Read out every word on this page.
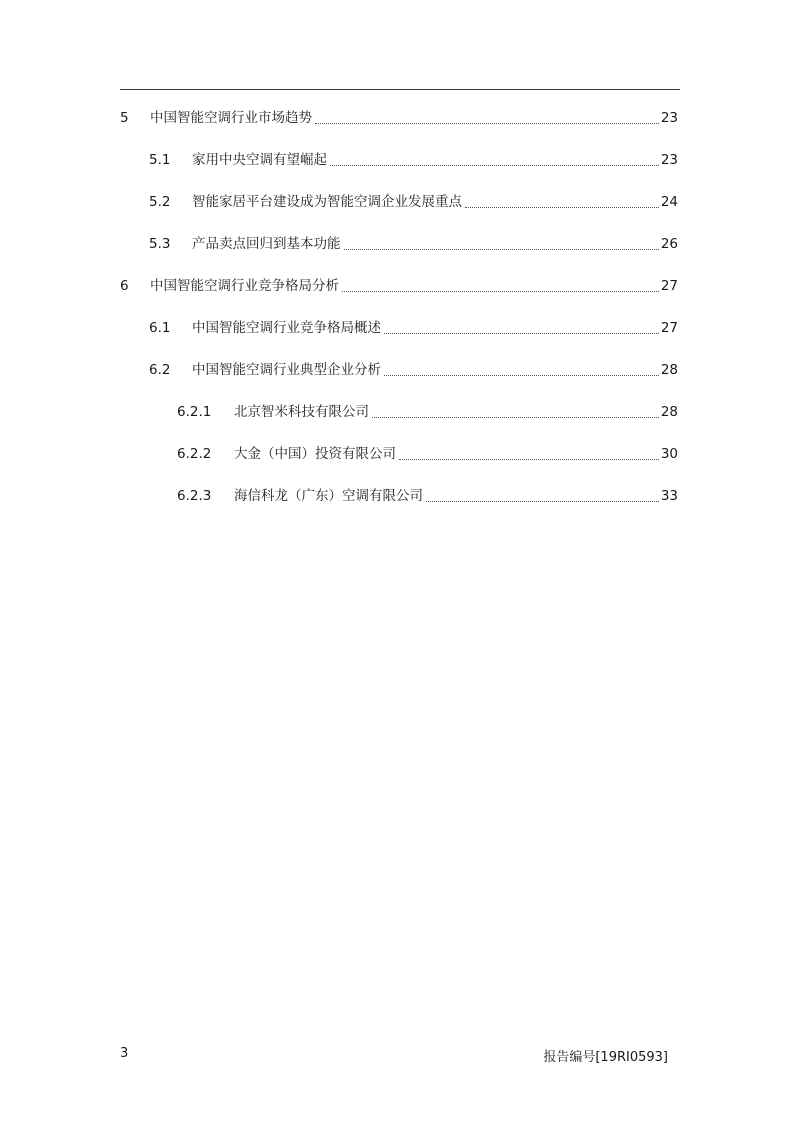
5	中国智能空调行业市场趋势	23
5.1	家用中央空调有望崛起	23
5.2	智能家居平台建设成为智能空调企业发展重点	24
5.3	产品卖点回归到基本功能	26
6	中国智能空调行业竞争格局分析	27
6.1	中国智能空调行业竞争格局概述	27
6.2	中国智能空调行业典型企业分析	28
6.2.1	北京智米科技有限公司	28
6.2.2	大金（中国）投资有限公司	30
6.2.3	海信科龙（广东）空调有限公司	33
3	报告编号[19RI0593]
